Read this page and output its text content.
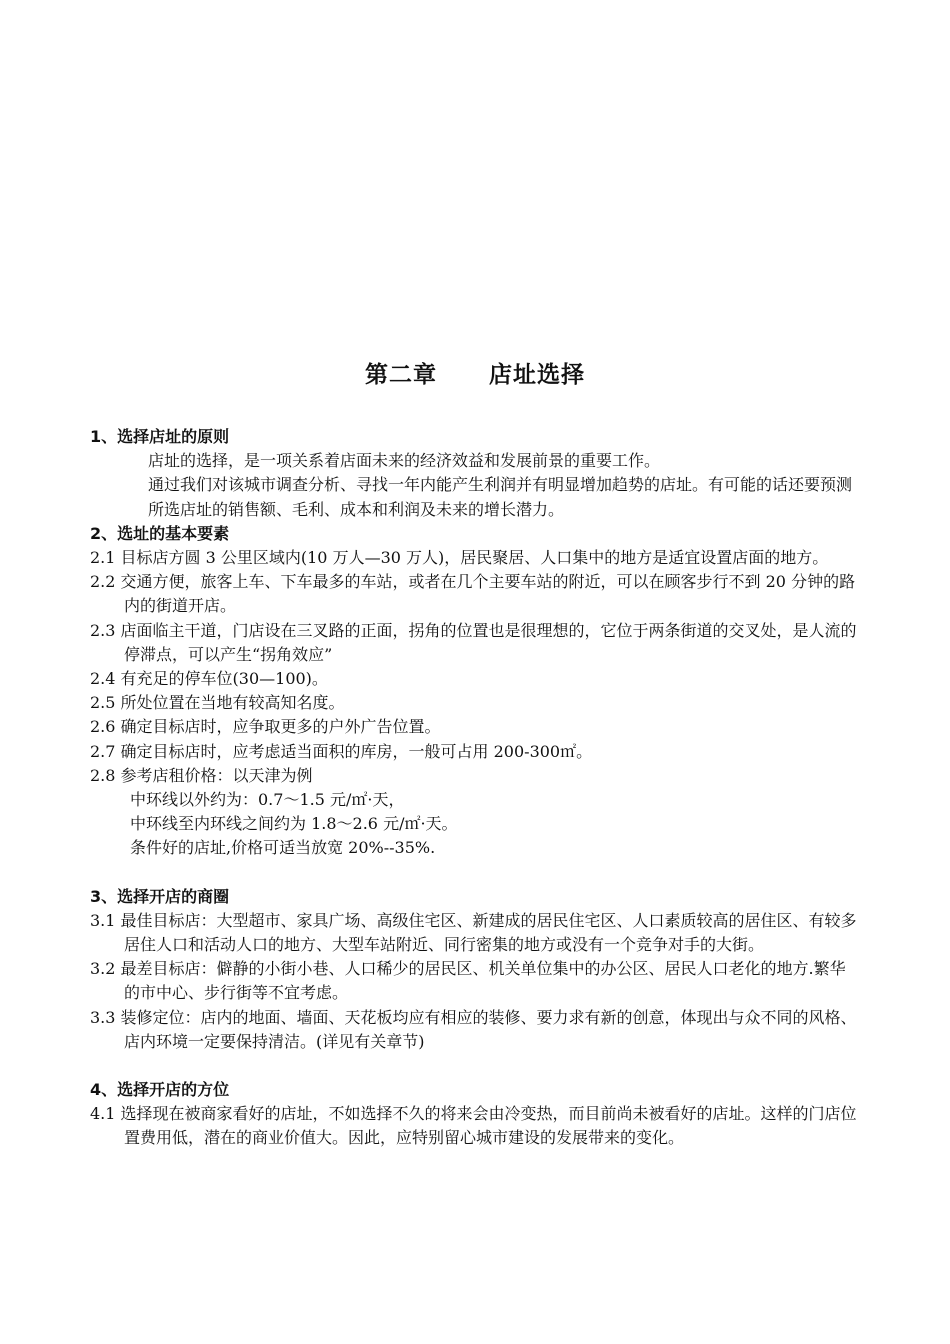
第二章 店址选择
1、选择店址的原则
店址的选择，是一项关系着店面未来的经济效益和发展前景的重要工作。
通过我们对该城市调查分析、寻找一年内能产生利润并有明显增加趋势的店址。有可能的话还要预测所选店址的销售额、毛利、成本和利润及未来的增长潜力。
2、选址的基本要素
2.1 目标店方圆 3 公里区域内(10 万人—30 万人)，居民聚居、人口集中的地方是适宜设置店面的地方。
2.2 交通方便，旅客上车、下车最多的车站，或者在几个主要车站的附近，可以在顾客步行不到 20 分钟的路内的街道开店。
2.3 店面临主干道，门店设在三叉路的正面，拐角的位置也是很理想的，它位于两条街道的交叉处，是人流的停滞点，可以产生“拐角效应”
2.4 有充足的停车位(30—100)。
2.5 所处位置在当地有较高知名度。
2.6 确定目标店时，应争取更多的户外广告位置。
2.7 确定目标店时，应考虑适当面积的库房，一般可占用 200-300㎡。
2.8 参考店租价格：以天津为例
中环线以外约为：0.7～1.5 元/㎡·天，
中环线至内环线之间约为 1.8～2.6 元/㎡·天。
条件好的店址,价格可适当放宽 20%--35%.
3、选择开店的商圈
3.1 最佳目标店：大型超市、家具广场、高级住宅区、新建成的居民住宅区、人口素质较高的居住区、有较多居住人口和活动人口的地方、大型车站附近、同行密集的地方或没有一个竞争对手的大街。
3.2 最差目标店：僻静的小街小巷、人口稀少的居民区、机关单位集中的办公区、居民人口老化的地方.繁华的市中心、步行街等不宜考虑。
3.3 装修定位：店内的地面、墙面、天花板均应有相应的装修、要力求有新的创意，体现出与众不同的风格、店内环境一定要保持清洁。(详见有关章节)
4、选择开店的方位
4.1 选择现在被商家看好的店址，不如选择不久的将来会由冷变热，而目前尚未被看好的店址。这样的门店位置费用低，潜在的商业价值大。因此，应特别留心城市建设的发展带来的变化。
